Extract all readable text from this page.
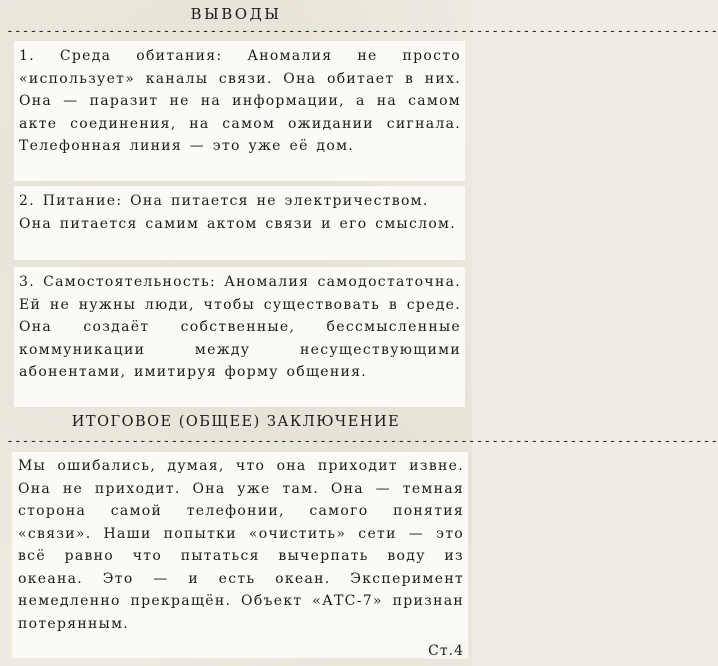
ВЫВОДЫ
-------------------------------------------------------------------------------------------
1. Среда обитания: Аномалия не просто «использует» каналы связи. Она обитает в них. Она — паразит не на информации, а на самом акте соединения, на самом ожидании сигнала. Телефонная линия — это уже её дом.
2. Питание: Она питается не электричеством. Она питается самим актом связи и его смыслом.
3. Самостоятельность: Аномалия самодостаточна. Ей не нужны люди, чтобы существовать в среде. Она создаёт собственные, бессмысленные коммуникации между несуществующими абонентами, имитируя форму общения.
ИТОГОВОЕ (ОБЩЕЕ) ЗАКЛЮЧЕНИЕ
-------------------------------------------------------------------------------------------
Мы ошибались, думая, что она приходит извне. Она не приходит. Она уже там. Она — темная сторона самой телефонии, самого понятия «связи». Наши попытки «очистить» сети — это всё равно что пытаться вычерпать воду из океана. Это — и есть океан. Эксперимент немедленно прекращён. Объект «АТС-7» признан потерянным.
Ст.4
